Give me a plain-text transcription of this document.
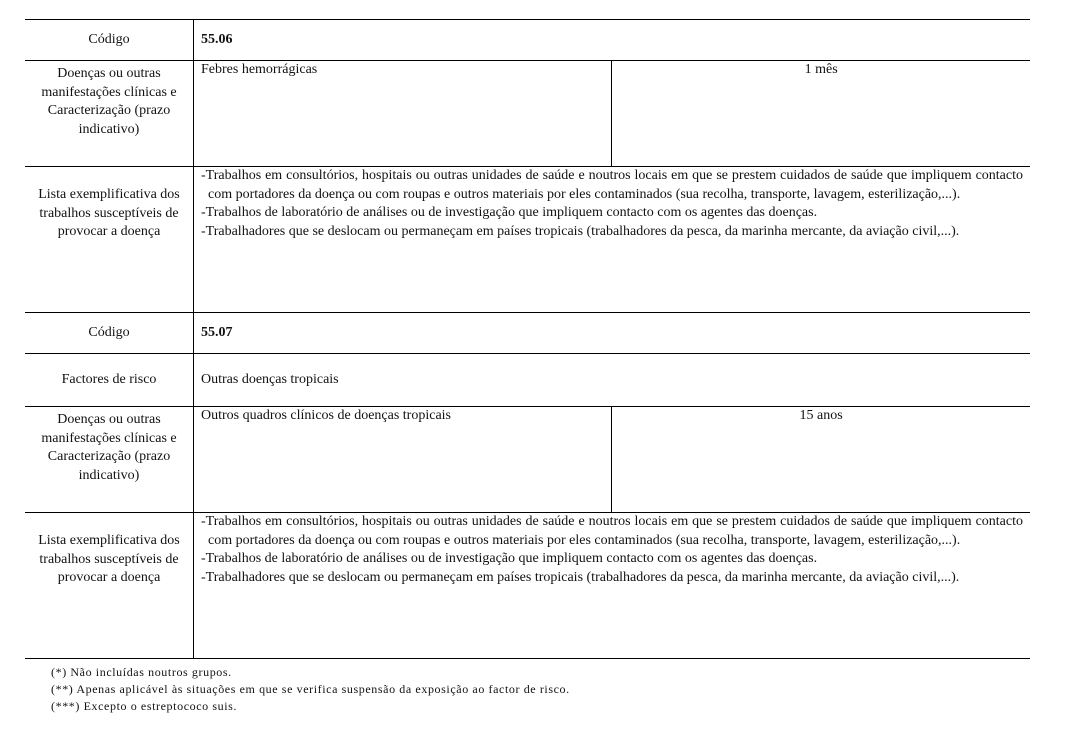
Código	55.06	
Doenças ou outras manifestações clínicas e Caracterização (prazo indicativo)	Febres hemorrágicas	1 mês
Lista exemplificativa dos trabalhos susceptíveis de provocar a doença	-Trabalhos em consultórios, hospitais ou outras unidades de saúde e noutros locais em que se prestem cuidados de saúde que impliquem contacto com portadores da doença ou com roupas e outros materiais por eles contaminados (sua recolha, transporte, lavagem, esterilização,...).

-Trabalhos de laboratório de análises ou de investigação que impliquem contacto com os agentes das doenças.

-Trabalhadores que se deslocam ou permaneçam em países tropicais (trabalhadores da pesca, da marinha mercante, da aviação civil,...).	

Código	55.07	
Factores de risco	Outras doenças tropicais	
Doenças ou outras manifestações clínicas e Caracterização (prazo indicativo)	Outros quadros clínicos de doenças tropicais	15 anos
Lista exemplificativa dos trabalhos susceptíveis de provocar a doença	-Trabalhos em consultórios, hospitais ou outras unidades de saúde e noutros locais em que se prestem cuidados de saúde que impliquem contacto com portadores da doença ou com roupas e outros materiais por eles contaminados (sua recolha, transporte, lavagem, esterilização,...).

-Trabalhos de laboratório de análises ou de investigação que impliquem contacto com os agentes das doenças.

-Trabalhadores que se deslocam ou permaneçam em países tropicais (trabalhadores da pesca, da marinha mercante, da aviação civil,...).	

(*) Não incluídas noutros grupos.

(**) Apenas aplicável às situações em que se verifica suspensão da exposição ao factor de risco.

(***) Excepto o estreptococo suis.
